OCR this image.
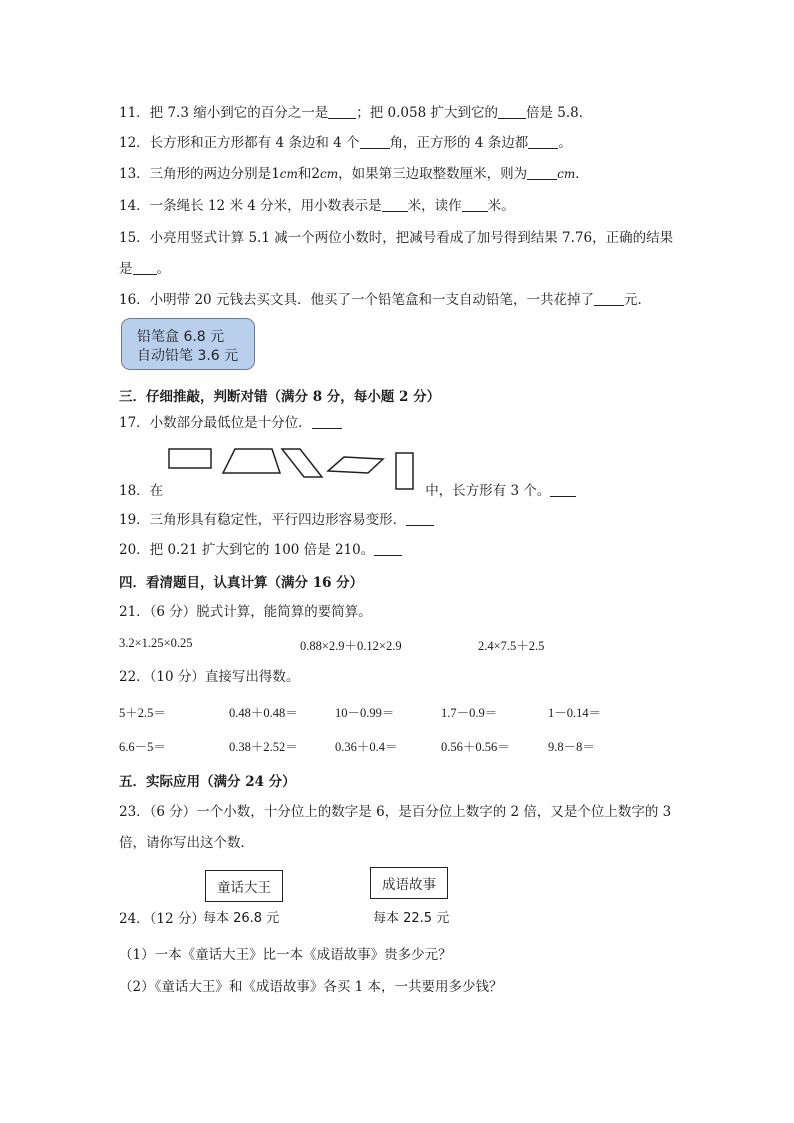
11．把 7.3 缩小到它的百分之一是 ；把 0.058 扩大到它的 倍是 5.8．
12．长方形和正方形都有 4 条边和 4 个 角，正方形的 4 条边都 。
13．三角形的两边分别是1cm和2cm，如果第三边取整数厘米，则为	cm．
14．一条绳长 12 米 4 分米，用小数表示是 米，读作 米。
15．小亮用竖式计算 5.1 减一个两位小数时，把减号看成了加号得到结果 7.76，正确的结果
是 。
16．小明带 20 元钱去买文具．他买了一个铅笔盒和一支自动铅笔，一共花掉了 元．
铅笔盒 6.8 元
自动铅笔 3.6 元
三．仔细推敲，判断对错（满分 8 分，每小题 2 分）
17．小数部分最低位是十分位．
18．在	中，长方形有 3 个。
19．三角形具有稳定性，平行四边形容易变形．
20．把 0.21 扩大到它的 100 倍是 210。
四．看清题目，认真计算（满分 16 分）
21．（6 分）脱式计算，能简算的要简算。
3.2×1.25×0.25	0.88×2.9＋0.12×2.9	2.4×7.5＋2.5
22．（10 分）直接写出得数。
5＋2.5＝	0.48＋0.48＝	10－0.99＝	1.7－0.9＝	1－0.14＝
6.6－5＝	0.38＋2.52＝	0.36＋0.4＝	0.56＋0.56＝	9.8－8＝
五．实际应用（满分 24 分）
23．（6 分）一个小数，十分位上的数字是 6，是百分位上数字的 2 倍，又是个位上数字的 3
倍，请你写出这个数．
童话大王
每本 26.8 元
成语故事
每本 22.5 元
24．（12 分）
（1）一本《童话大王》比一本《成语故事》贵多少元？
（2）《童话大王》和《成语故事》各买 1 本，一共要用多少钱？
